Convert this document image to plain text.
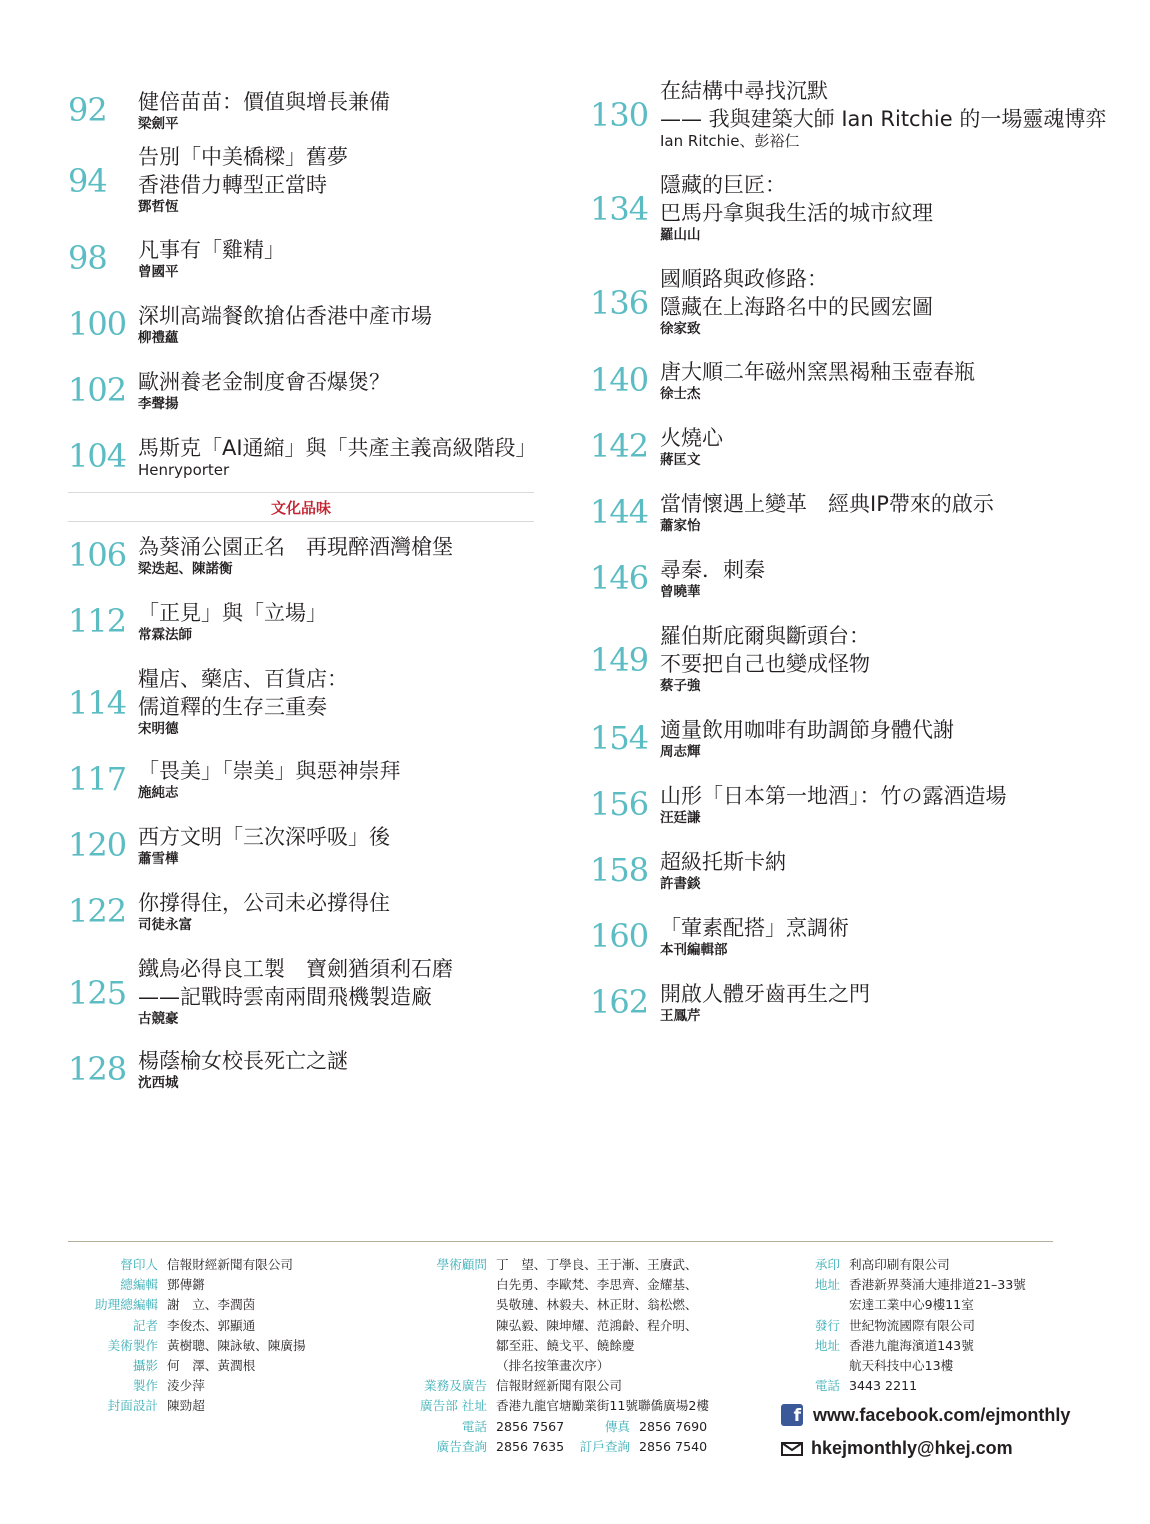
92 健倍苗苗：價值與增長兼備
梁劍平
94
告別「中美橋樑」舊夢
香港借力轉型正當時
鄧哲恆
98 凡事有「雞精」
曾國平
100 深圳高端餐飲搶佔香港中產市場
柳禮蘊
102 歐洲養老金制度會否爆煲？
李聲揚
104 馬斯克「AI通縮」與「共產主義高級階段」
Henryporter
106 為葵涌公園正名　再現醉酒灣槍堡
梁迭起、陳諾衡
112 「正見」與「立場」
常霖法師
114
糧店、藥店、百貨店：
儒道釋的生存三重奏
宋明德
117 「畏美」「崇美」與惡神崇拜
施純志
120 西方文明「三次深呼吸」後
蕭雪樺
122 你撐得住，公司未必撐得住
司徒永富
125
鐵鳥必得良工製　寶劍猶須利石磨
——記戰時雲南兩間飛機製造廠
古競豪
128 楊蔭榆女校長死亡之謎
沈西城
130
在結構中尋找沉默
—— 我與建築大師 Ian Ritchie 的一場靈魂博弈
Ian Ritchie、彭裕仁
134
隱藏的巨匠：
巴馬丹拿與我生活的城市紋理
羅山山
136
國順路與政修路：
隱藏在上海路名中的民國宏圖
徐家致
140 唐大順二年磁州窯黑褐釉玉壺春瓶
徐士杰
142 火燒心
蔣匡文
144 當情懷遇上變革　經典IP帶來的啟示
蕭家怡
146 尋秦．刺秦
曾曉華
149
羅伯斯庇爾與斷頭台：
不要把自己也變成怪物
蔡子強
154 適量飲用咖啡有助調節身體代謝
周志輝
156 山形「日本第一地酒」：竹の露酒造場
汪廷謙
158 超級托斯卡納
許書錟
160 「葷素配搭」烹調術
本刊編輯部
162 開啟人體牙齒再生之門
王鳳芹
文化品味
督印人 信報財經新聞有限公司
總編輯 鄧傳鏘
助理總編輯 謝　立、李潤茵
記者 李俊杰、郭顯通
美術製作 黃樹聰、陳詠敏、陳廣揚
攝影 何　澤、黃潤根
製作 淩少萍
封面設計 陳勁超
學術顧問 丁　望、丁學良、王于漸、王賡武、
白先勇、李歐梵、李思齊、金耀基、
吳敬璉、林毅夫、林正財、翁松燃、
陳弘毅、陳坤耀、范鴻齡、程介明、
鄒至莊、饒戈平、饒餘慶
（排名按筆畫次序）
業務及廣告 信報財經新聞有限公司
廣告部 社址 香港九龍官塘勵業街11號聯僑廣場2樓
電話 2856 7567	傳真 2856 7690
廣告查詢 2856 7635	訂戶查詢 2856 7540
承印 利高印刷有限公司
地址 香港新界葵涌大連排道21–33號
宏達工業中心9樓11室
發行 世紀物流國際有限公司
地址 香港九龍海濱道143號
航天科技中心13樓
電話 3443 2211
f www.facebook.com/ejmonthly
hkejmonthly@hkej.com
